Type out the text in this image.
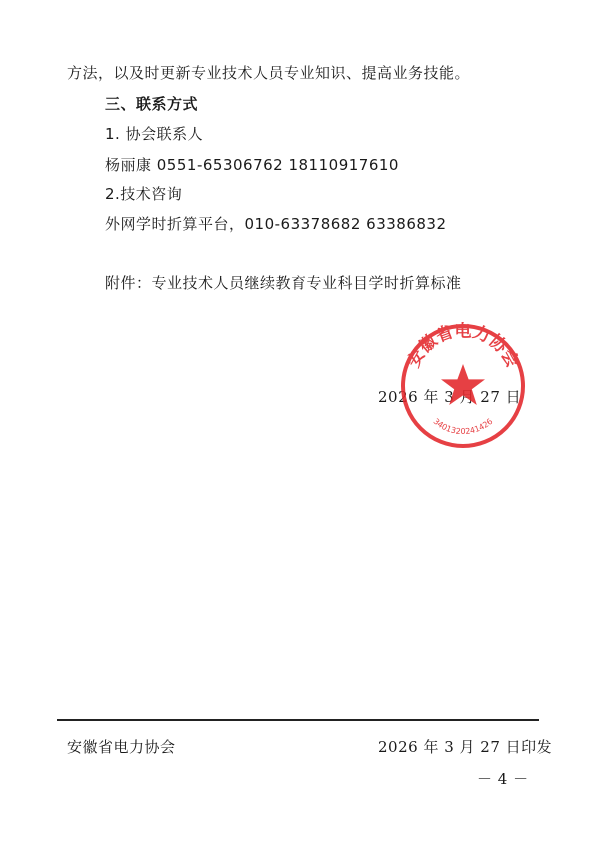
方法，以及时更新专业技术人员专业知识、提高业务技能。
三、联系方式
1. 协会联系人
杨丽康 0551-65306762 18110917610
2.技术咨询
外网学时折算平台，010-63378682 63386832
附件：专业技术人员继续教育专业科目学时折算标准
2026 年 3 月 27 日
安徽省电力协会
3401320241426
安徽省电力协会	2026 年 3 月 27 日印发
－ 4 －
